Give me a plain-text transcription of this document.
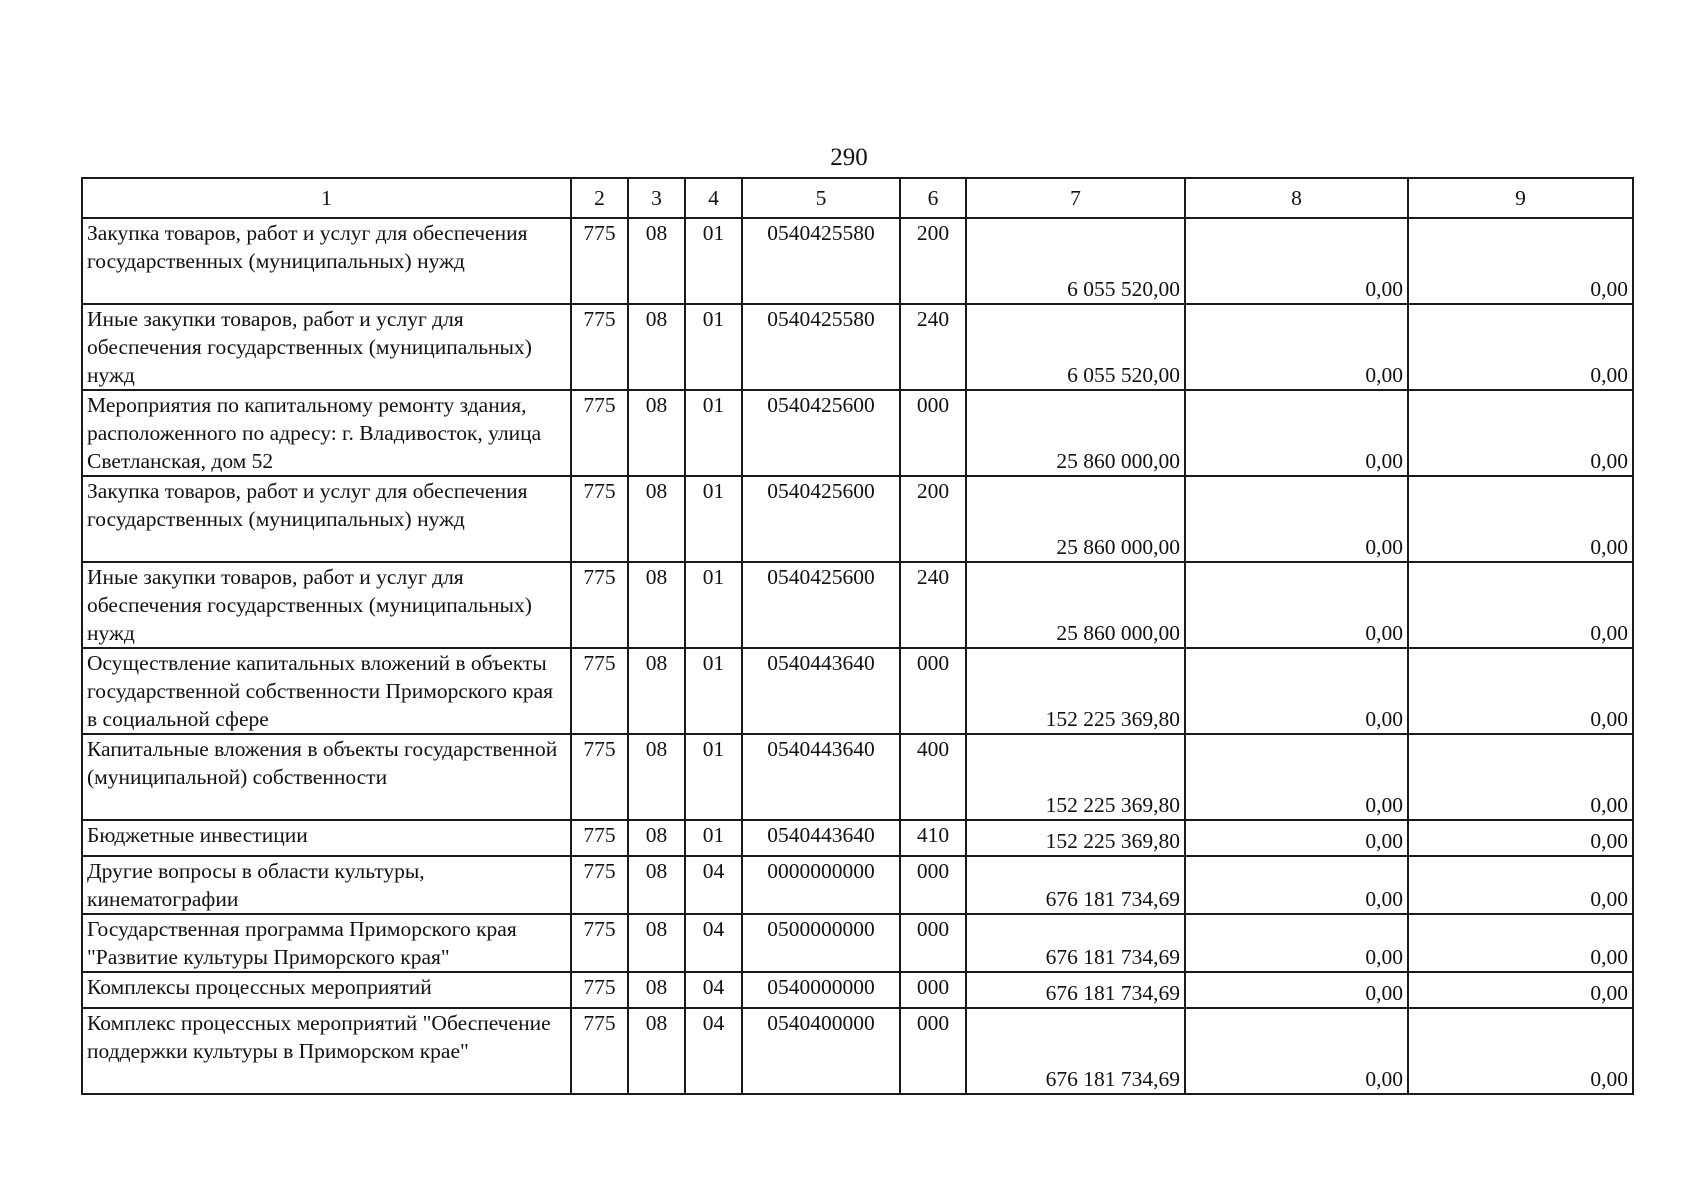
290
1	2	3	4	5	6	7	8	9
Закупка товаров, работ и услуг для обеспечения государственных (муниципальных) нужд	775	08	01	0540425580	200	6 055 520,00	0,00	0,00
Иные закупки товаров, работ и услуг для обеспечения государственных (муниципальных) нужд	775	08	01	0540425580	240	6 055 520,00	0,00	0,00
Мероприятия по капитальному ремонту здания, расположенного по адресу: г. Владивосток, улица Светланская, дом 52	775	08	01	0540425600	000	25 860 000,00	0,00	0,00
Закупка товаров, работ и услуг для обеспечения государственных (муниципальных) нужд	775	08	01	0540425600	200	25 860 000,00	0,00	0,00
Иные закупки товаров, работ и услуг для обеспечения государственных (муниципальных) нужд	775	08	01	0540425600	240	25 860 000,00	0,00	0,00
Осуществление капитальных вложений в объекты государственной собственности Приморского края в социальной сфере	775	08	01	0540443640	000	152 225 369,80	0,00	0,00
Капитальные вложения в объекты государственной (муниципальной) собственности	775	08	01	0540443640	400	152 225 369,80	0,00	0,00
Бюджетные инвестиции	775	08	01	0540443640	410	152 225 369,80	0,00	0,00
Другие вопросы в области культуры, кинематографии	775	08	04	0000000000	000	676 181 734,69	0,00	0,00
Государственная программа Приморского края "Развитие культуры Приморского края"	775	08	04	0500000000	000	676 181 734,69	0,00	0,00
Комплексы процессных мероприятий	775	08	04	0540000000	000	676 181 734,69	0,00	0,00
Комплекс процессных мероприятий "Обеспечение поддержки культуры в Приморском крае"	775	08	04	0540400000	000	676 181 734,69	0,00	0,00
